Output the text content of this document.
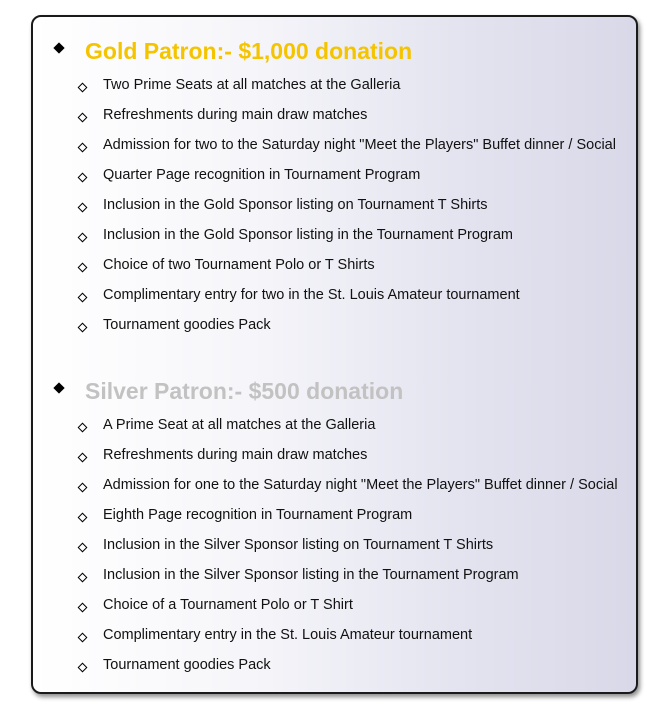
Gold Patron:- $1,000 donation
Two Prime Seats at all matches at the Galleria
Refreshments during main draw matches
Admission for two to the Saturday night "Meet the Players" Buffet dinner / Social
Quarter Page recognition in Tournament Program
Inclusion in the Gold Sponsor listing on Tournament T Shirts
Inclusion in the Gold Sponsor listing in the Tournament Program
Choice of two Tournament Polo or T Shirts
Complimentary entry for two in the St. Louis Amateur tournament
Tournament goodies Pack
Silver Patron:- $500 donation
A Prime Seat at all matches at the Galleria
Refreshments during main draw matches
Admission for one to the Saturday night "Meet the Players" Buffet dinner / Social
Eighth Page recognition in Tournament Program
Inclusion in the Silver Sponsor listing on Tournament T Shirts
Inclusion in the Silver Sponsor listing in the Tournament Program
Choice of a Tournament Polo or T Shirt
Complimentary entry in the St. Louis Amateur tournament
Tournament goodies Pack
